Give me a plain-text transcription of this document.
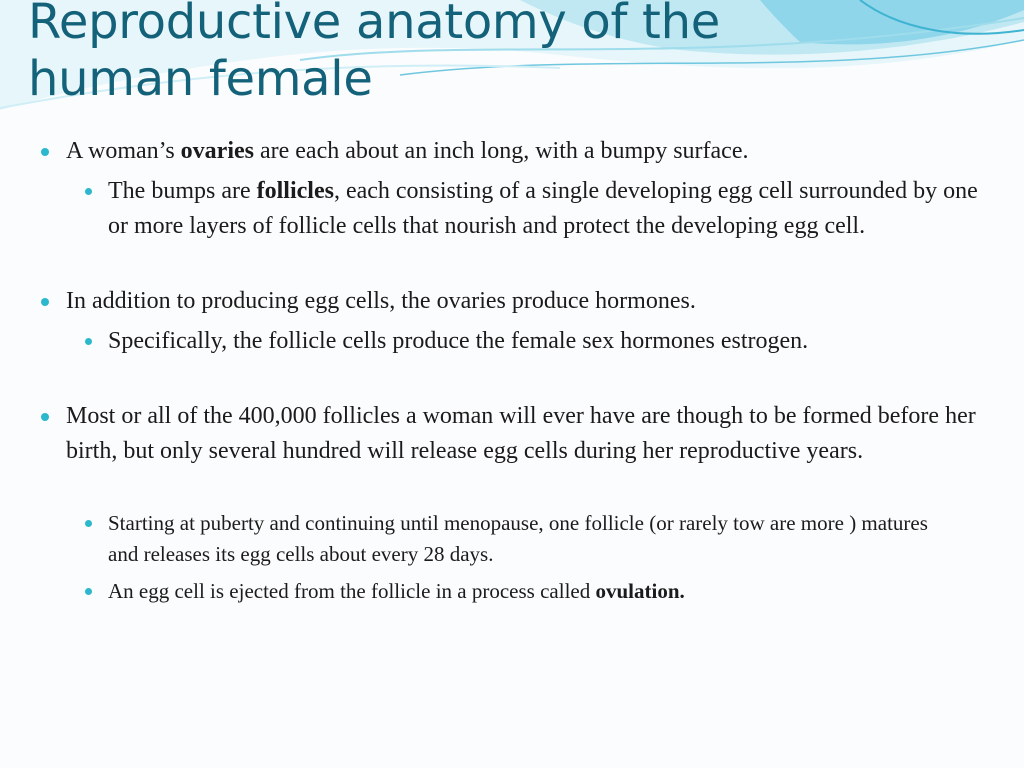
Reproductive anatomy of the
human female

A woman’s ovaries are each about an inch long, with a bumpy surface.

The bumps are follicles, each consisting of a single developing egg cell surrounded by one or more layers of follicle cells that nourish and protect the developing egg cell.

In addition to producing egg cells, the ovaries produce hormones.

Specifically, the follicle cells produce the female sex hormones estrogen.

Most or all of the 400,000 follicles a woman will ever have are though to be formed before her birth, but only several hundred will release egg cells during her reproductive years.

Starting at puberty and continuing until menopause, one follicle (or rarely tow are more ) matures and releases its egg cells about every 28 days.

An egg cell is ejected from the follicle in a process called ovulation.
